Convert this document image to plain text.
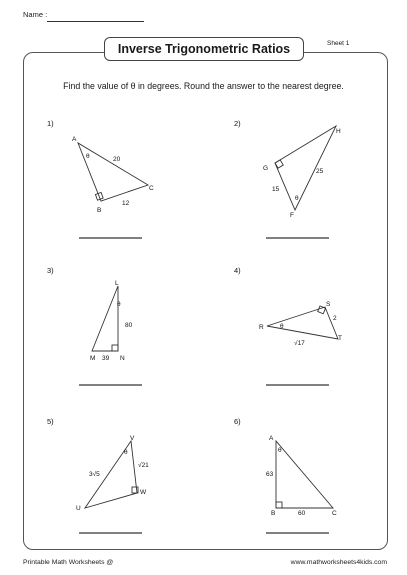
Name :
Inverse Trigonometric Ratios	Sheet 1
Find the value of θ in degrees. Round the answer to the nearest degree.
1)	2)
3)	4)
5)	6)
A
B
C
20
12
θ
G
H
F
15
25
θ
L
M	N
80
39
θ
R
S
T
2
√17
θ
V
U
W
3√5
√21
θ
A
B	C
63
60
θ
Printable Math Worksheets @	www.mathworksheets4kids.com
